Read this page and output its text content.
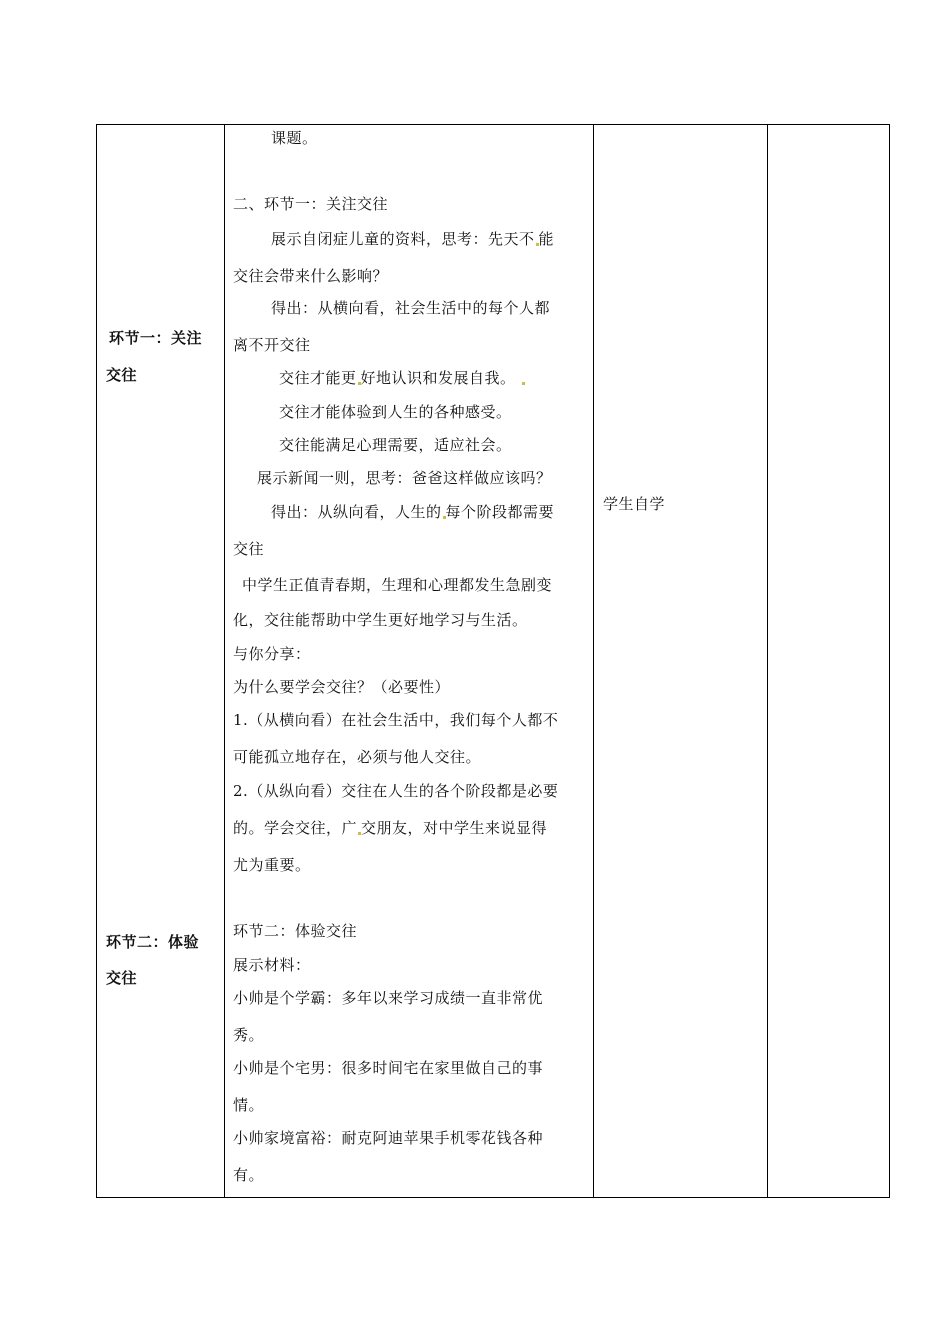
环节一：关注
交往
环节二：体验
交往
课题。
二、环节一：关注交往
展示自闭症儿童的资料，思考：先天不 能
交往会带来什么影响？
得出：从横向看，社会生活中的每个人都
离不开交往
交往才能更 好地认识和发展自我。
交往才能体验到人生的各种感受。
交往能满足心理需要，适应社会。
展示新闻一则，思考：爸爸这样做应该吗？
得出：从纵向看，人生的 每个阶段都需要
交往
中学生正值青春期，生理和心理都发生急剧变
化，交往能帮助中学生更好地学习与生活。
与你分享：
为什么要学会交往？（必要性）
1.（从横向看）在社会生活中，我们每个人都不
可能孤立地存在，必须与他人交往。
2.（从纵向看）交往在人生的各个阶段都是必要
的。学会交往，广 交朋友，对中学生来说显得
尤为重要。
环节二：体验交往
展示材料：
小帅是个学霸：多年以来学习成绩一直非常优
秀。
小帅是个宅男：很多时间宅在家里做自己的事
情。
小帅家境富裕：耐克阿迪苹果手机零花钱各种
有。
学生自学
